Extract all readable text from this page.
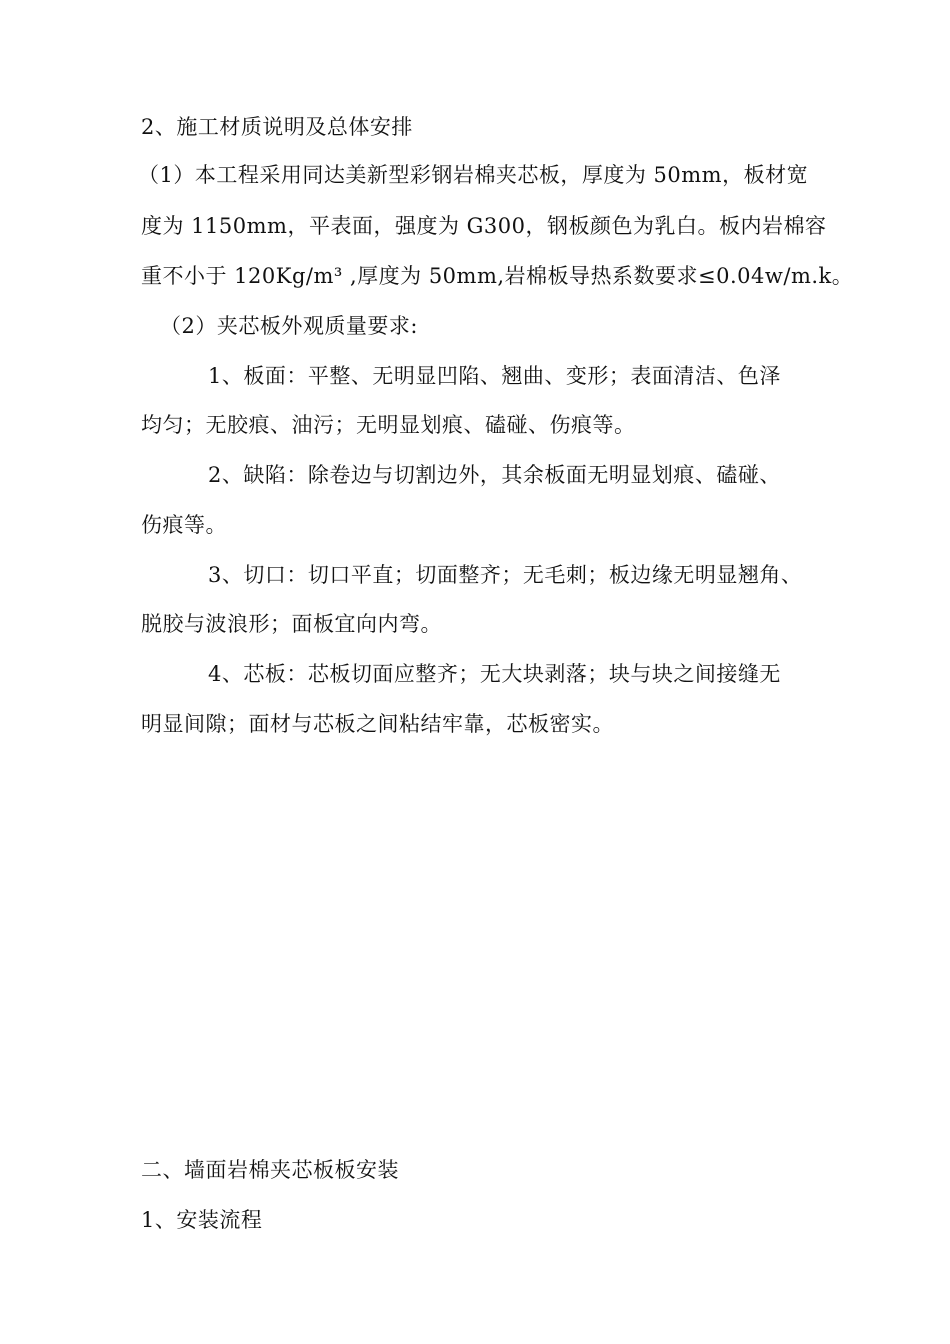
2、施工材质说明及总体安排
（1）本工程采用同达美新型彩钢岩棉夹芯板，厚度为 50mm，板材宽
度为 1150mm，平表面，强度为 G300，钢板颜色为乳白。板内岩棉容
重不小于 120Kg/m³ ,厚度为 50mm,岩棉板导热系数要求≤0.04w/m.k。
（2）夹芯板外观质量要求:
1、板面：平整、无明显凹陷、翘曲、变形；表面清洁、色泽
均匀；无胶痕、油污；无明显划痕、磕碰、伤痕等。
2、缺陷：除卷边与切割边外，其余板面无明显划痕、磕碰、
伤痕等。
3、切口：切口平直；切面整齐；无毛刺；板边缘无明显翘角、
脱胶与波浪形；面板宜向内弯。
4、芯板：芯板切面应整齐；无大块剥落；块与块之间接缝无
明显间隙；面材与芯板之间粘结牢靠，芯板密实。
二、墙面岩棉夹芯板板安装
1、安装流程
